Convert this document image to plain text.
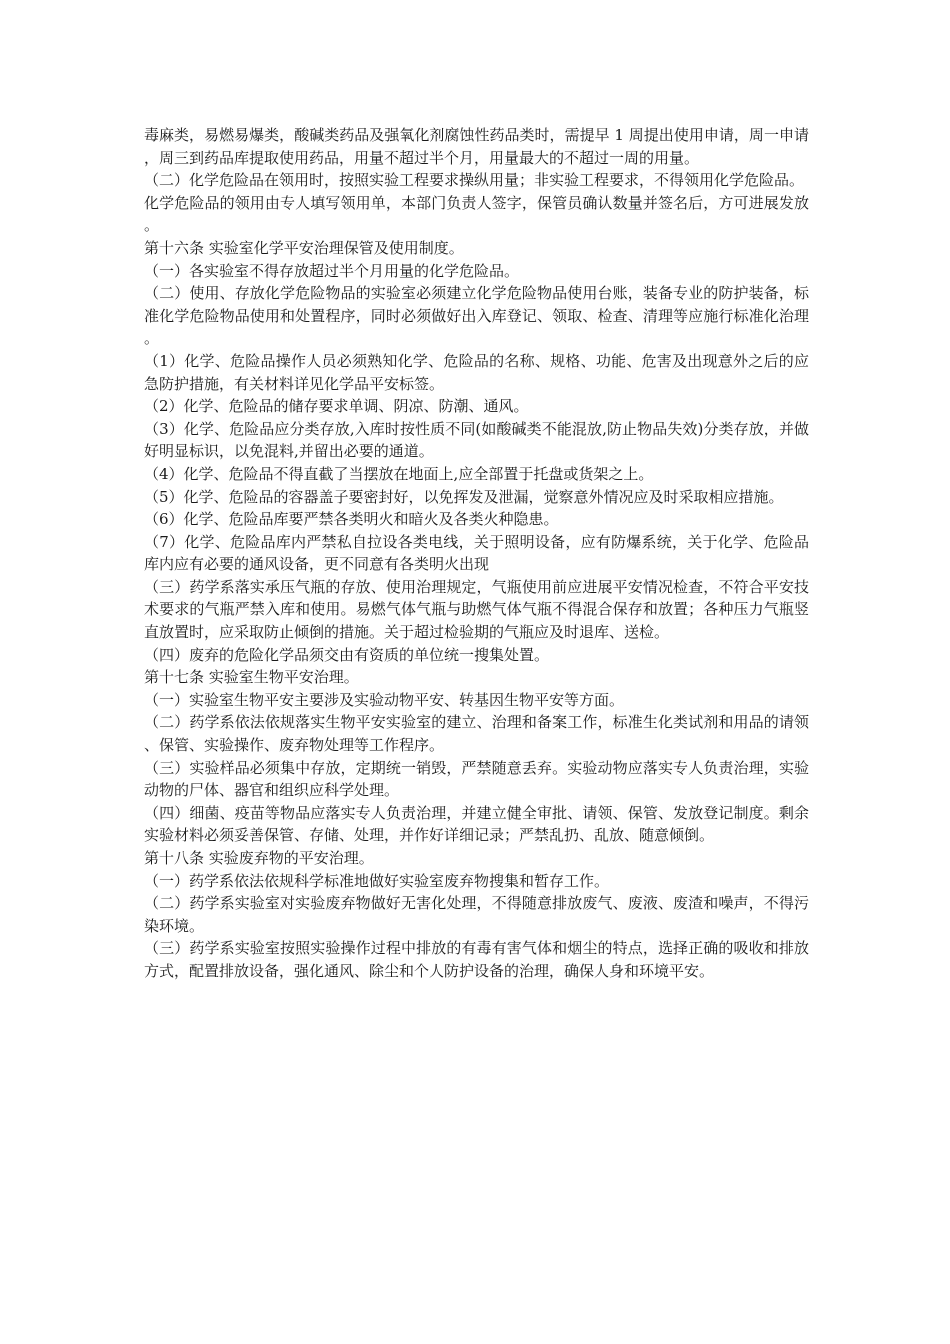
毒麻类，易燃易爆类，酸碱类药品及强氧化剂腐蚀性药品类时，需提早 1 周提出使用申请，周一申请，周三到药品库提取使用药品，用量不超过半个月，用量最大的不超过一周的用量。

（二）化学危险品在领用时，按照实验工程要求操纵用量；非实验工程要求，不得领用化学危险品。

化学危险品的领用由专人填写领用单，本部门负责人签字，保管员确认数量并签名后，方可进展发放。

第十六条 实验室化学平安治理保管及使用制度。

（一）各实验室不得存放超过半个月用量的化学危险品。

（二）使用、存放化学危险物品的实验室必须建立化学危险物品使用台账，装备专业的防护装备，标准化学危险物品使用和处置程序，同时必须做好出入库登记、领取、检查、清理等应施行标准化治理。

（1）化学、危险品操作人员必须熟知化学、危险品的名称、规格、功能、危害及出现意外之后的应急防护措施，有关材料详见化学品平安标签。

（2）化学、危险品的储存要求单调、阴凉、防潮、通风。

（3）化学、危险品应分类存放,入库时按性质不同(如酸碱类不能混放,防止物品失效)分类存放，并做好明显标识，以免混料,并留出必要的通道。

（4）化学、危险品不得直截了当摆放在地面上,应全部置于托盘或货架之上。

（5）化学、危险品的容器盖子要密封好，以免挥发及泄漏，觉察意外情况应及时采取相应措施。

（6）化学、危险品库要严禁各类明火和暗火及各类火种隐患。

（7）化学、危险品库内严禁私自拉设各类电线，关于照明设备，应有防爆系统，关于化学、危险品库内应有必要的通风设备，更不同意有各类明火出现

（三）药学系落实承压气瓶的存放、使用治理规定，气瓶使用前应进展平安情况检查，不符合平安技术要求的气瓶严禁入库和使用。易燃气体气瓶与助燃气体气瓶不得混合保存和放置；各种压力气瓶竖直放置时，应采取防止倾倒的措施。关于超过检验期的气瓶应及时退库、送检。

（四）废弃的危险化学品须交由有资质的单位统一搜集处置。

第十七条 实验室生物平安治理。

（一）实验室生物平安主要涉及实验动物平安、转基因生物平安等方面。

（二）药学系依法依规落实生物平安实验室的建立、治理和备案工作，标准生化类试剂和用品的请领、保管、实验操作、废弃物处理等工作程序。

（三）实验样品必须集中存放，定期统一销毁，严禁随意丢弃。实验动物应落实专人负责治理，实验动物的尸体、器官和组织应科学处理。

（四）细菌、疫苗等物品应落实专人负责治理，并建立健全审批、请领、保管、发放登记制度。剩余实验材料必须妥善保管、存储、处理，并作好详细记录；严禁乱扔、乱放、随意倾倒。

第十八条 实验废弃物的平安治理。

（一）药学系依法依规科学标准地做好实验室废弃物搜集和暂存工作。

（二）药学系实验室对实验废弃物做好无害化处理，不得随意排放废气、废液、废渣和噪声，不得污染环境。

（三）药学系实验室按照实验操作过程中排放的有毒有害气体和烟尘的特点，选择正确的吸收和排放方式，配置排放设备，强化通风、除尘和个人防护设备的治理，确保人身和环境平安。
